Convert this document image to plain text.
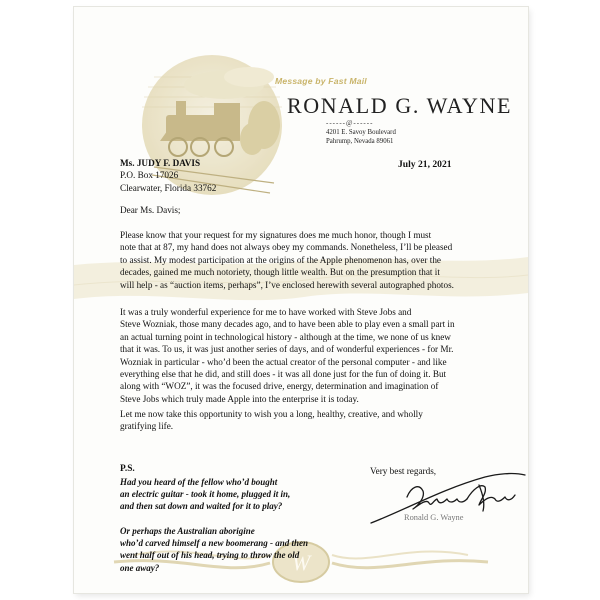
W
Message by Fast Mail
RONALD G. WAYNE
------@------
4201 E. Savoy Boulevard
Pahrump, Nevada 89061
July 21, 2021
Ms. JUDY F. DAVIS
P.O. Box 17026
Clearwater, Florida 33762
Dear Ms. Davis;
Please know that your request for my signatures does me much honor, though I must
note that at 87, my hand does not always obey my commands. Nonetheless, I’ll be pleased
to assist. My modest participation at the origins of the Apple phenomenon has, over the
decades, gained me much notoriety, though little wealth. But on the presumption that it
will help - as “auction items, perhaps”, I’ve enclosed herewith several autographed photos.
It was a truly wonderful experience for me to have worked with Steve Jobs and
Steve Wozniak, those many decades ago, and to have been able to play even a small part in
an actual turning point in technological history - although at the time, we none of us knew
that it was. To us, it was just another series of days, and of wonderful experiences - for Mr.
Wozniak in particular - who’d been the actual creator of the personal computer - and like
everything else that he did, and still does - it was all done just for the fun of doing it. But
along with “WOZ”, it was the focused drive, energy, determination and imagination of
Steve Jobs which truly made Apple into the enterprise it is today.
Let me now take this opportunity to wish you a long, healthy, creative, and wholly
gratifying life.
Very best regards,
P.S.
Had you heard of the fellow who’d bought
an electric guitar - took it home, plugged it in,
and then sat down and waited for it to play?
Or perhaps the Australian aborigine
who’d carved himself a new boomerang - and then
went half out of his head, trying to throw the old
one away?
Ronald G. Wayne
